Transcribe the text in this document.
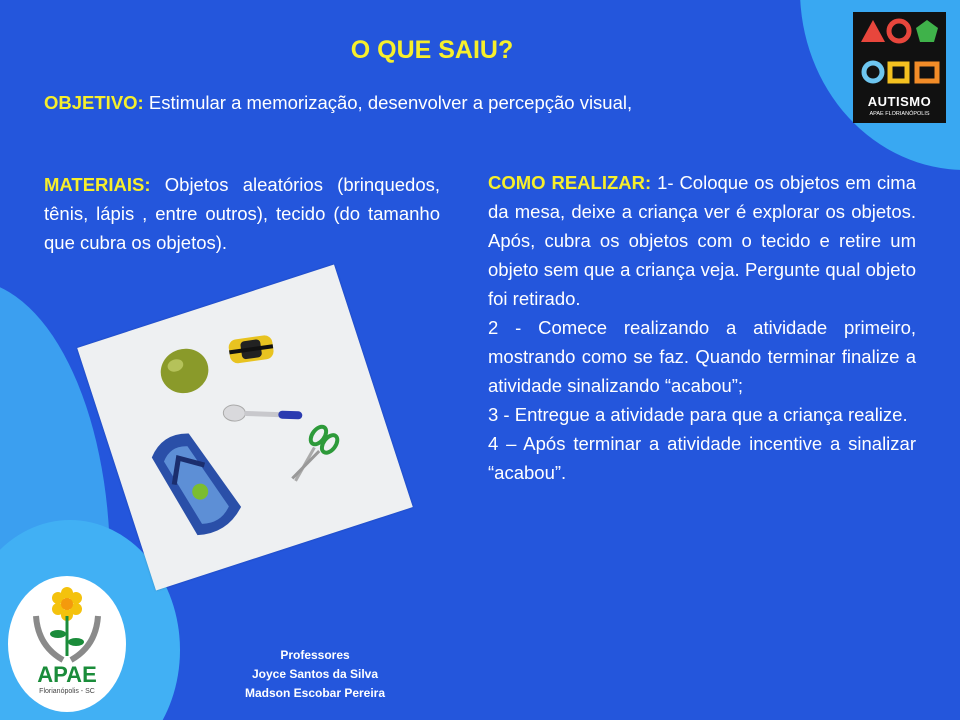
O QUE SAIU?
OBJETIVO: Estimular a memorização, desenvolver a percepção visual,
MATERIAIS: Objetos aleatórios (brinquedos, tênis, lápis , entre outros), tecido (do tamanho que cubra os objetos).

COMO REALIZAR: 1- Coloque os objetos em cima da mesa, deixe a criança ver é explorar os objetos. Após, cubra os objetos com o tecido e retire um objeto sem que a criança veja. Pergunte qual objeto foi retirado.

2 - Comece realizando a atividade primeiro, mostrando como se faz. Quando terminar finalize a atividade sinalizando “acabou”;

3 - Entregue a atividade para que a criança realize.

4 – Após terminar a atividade incentive a sinalizar “acabou”.

AUTISMO
APAE FLORIANÓPOLIS
APAE
Florianópolis - SC
Professores
Joyce Santos da Silva
Madson Escobar Pereira
